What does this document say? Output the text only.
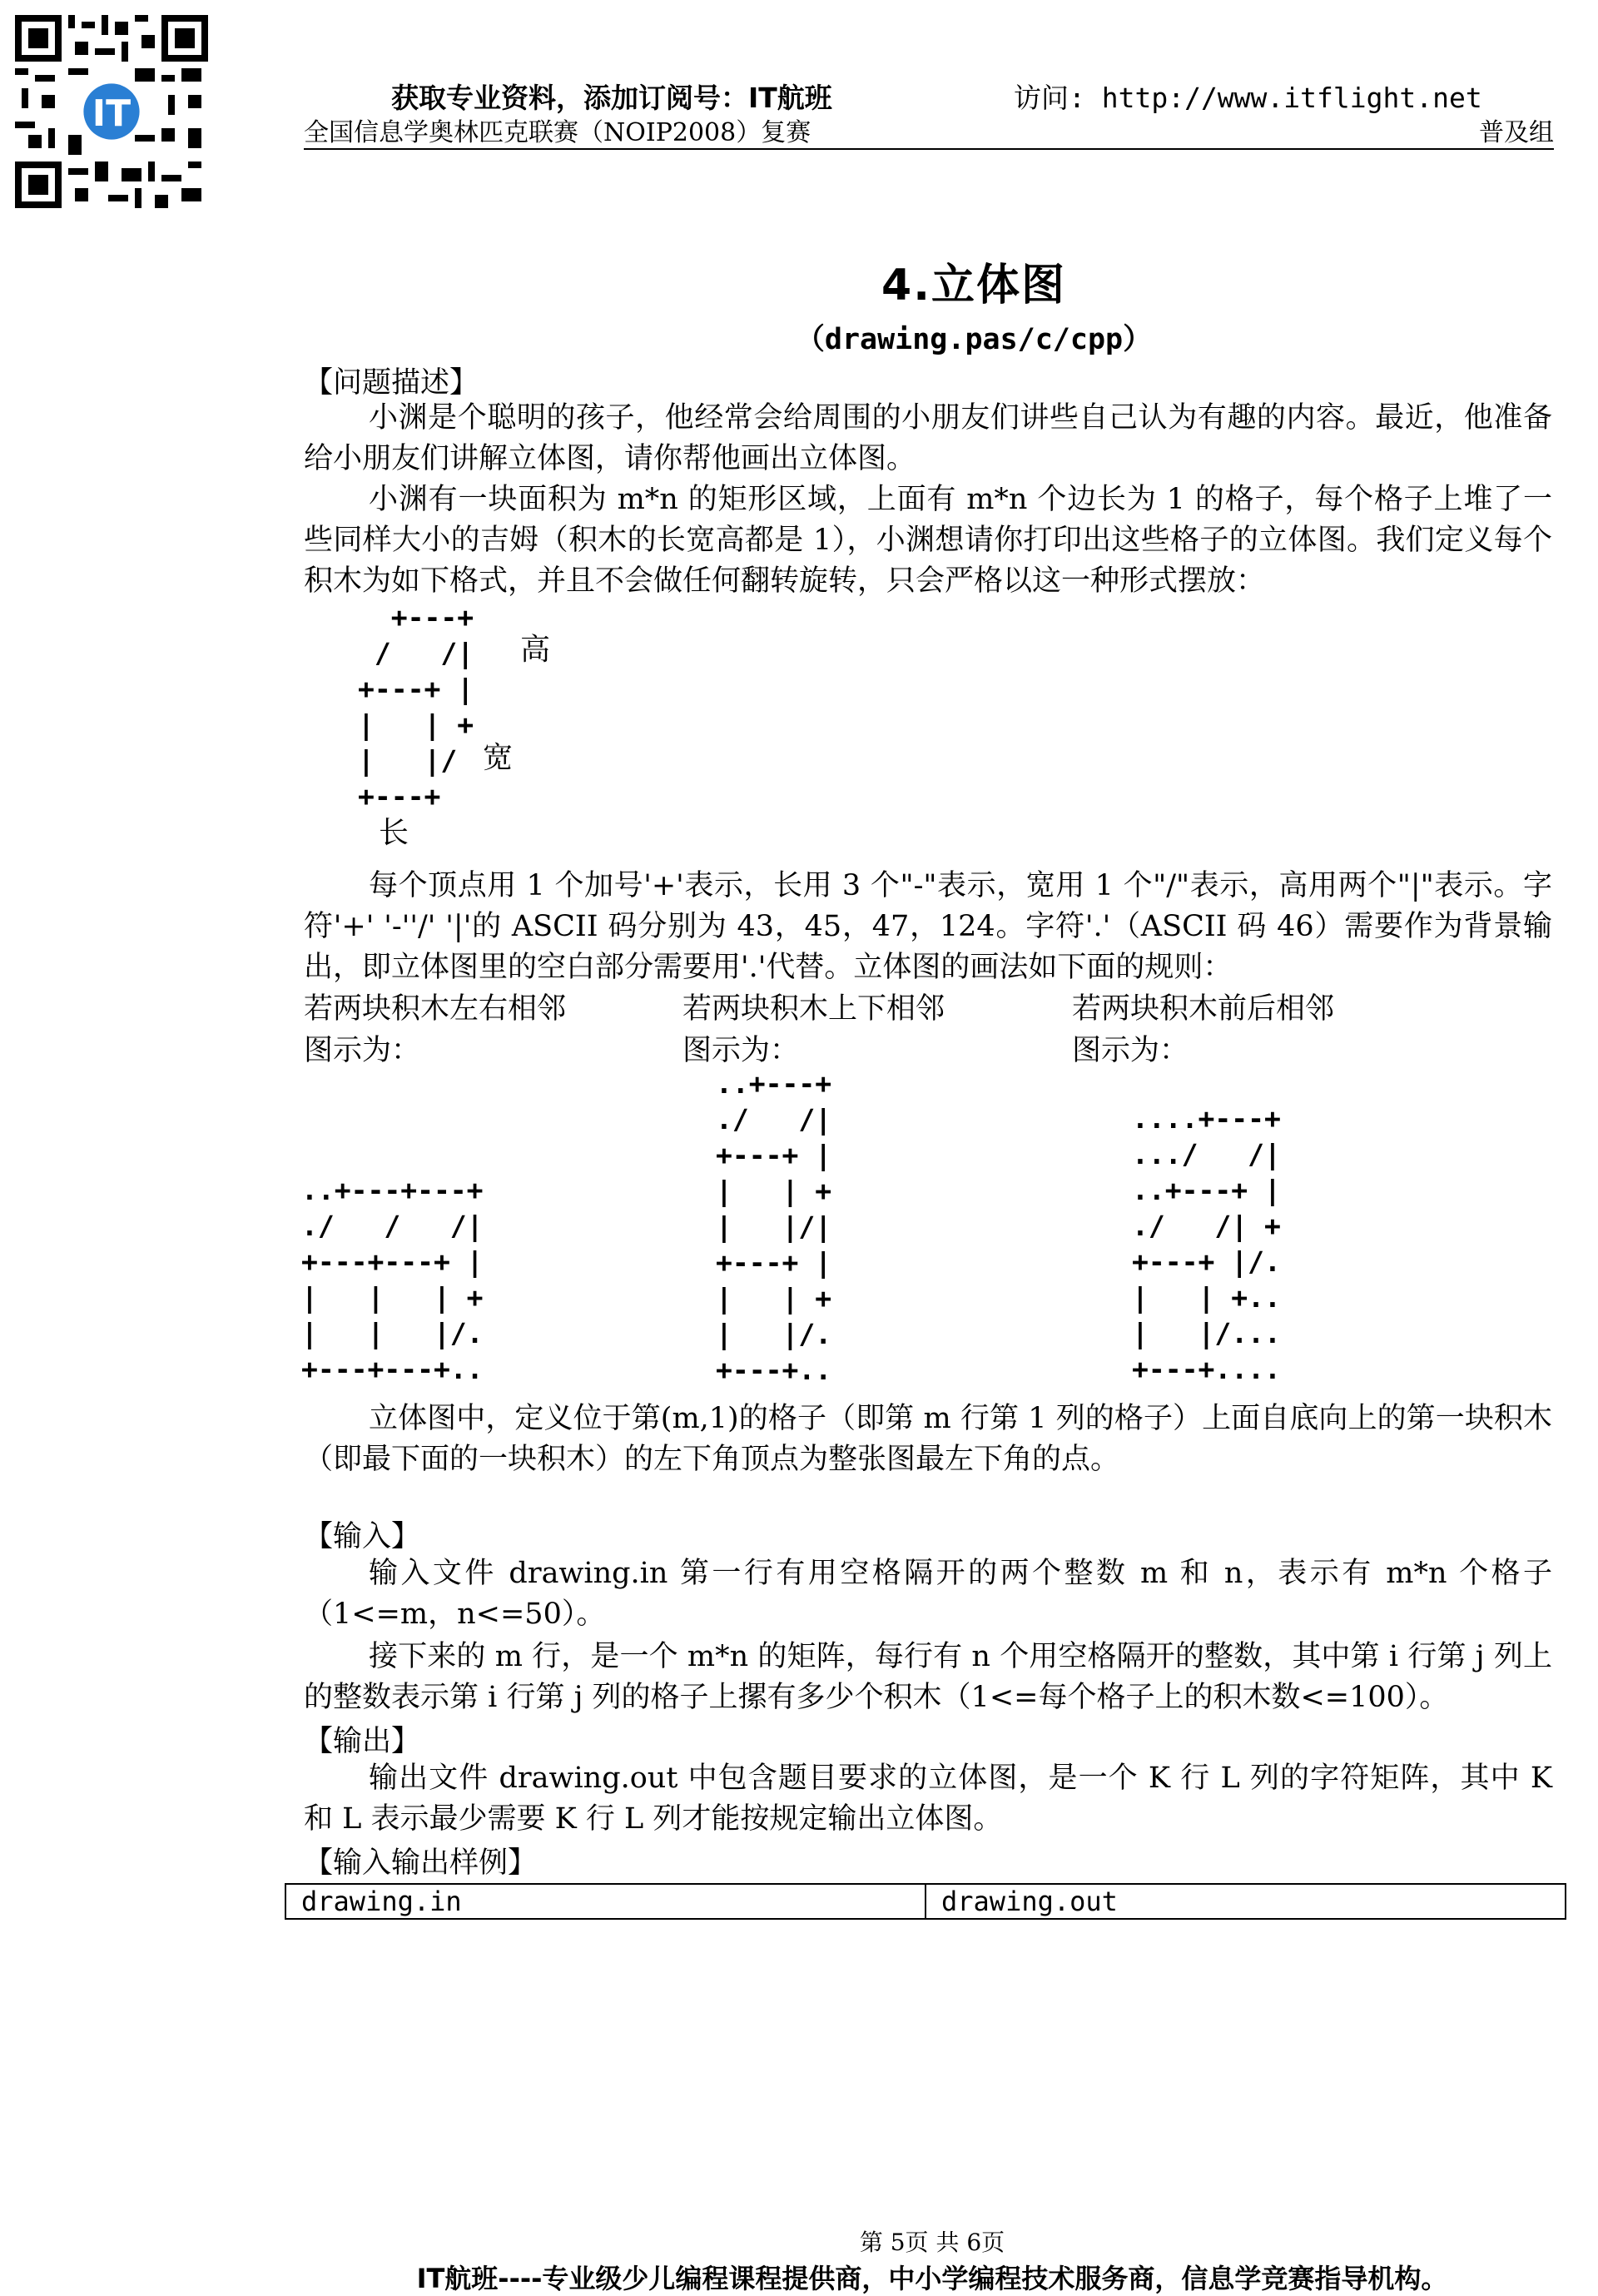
IT	获取专业资料，添加订阅号：IT航班	访问: http://www.itflight.net
全国信息学奥林匹克联赛（NOIP2008）复赛	普及组
4.立体图
（drawing.pas/c/cpp）
【问题描述】

小渊是个聪明的孩子，他经常会给周围的小朋友们讲些自己认为有趣的内容。最近，他准备给小朋友们讲解立体图，请你帮他画出立体图。

小渊有一块面积为 m*n 的矩形区域，上面有 m*n 个边长为 1 的格子，每个格子上堆了一些同样大小的吉姆（积木的长宽高都是 1），小渊想请你打印出这些格子的立体图。我们定义每个积木为如下格式，并且不会做任何翻转旋转，只会严格以这一种形式摆放：

+---+
/   /|
+---+ |
|   | +
|   |/
+---+
高
宽
长

每个顶点用 1 个加号'+'表示，长用 3 个"-"表示，宽用 1 个"/"表示，高用两个"|"表示。字符'+' '-''/' '|'的 ASCII 码分别为 43，45，47，124。字符'.'（ASCII 码 46）需要作为背景输出，即立体图里的空白部分需要用'.'代替。立体图的画法如下面的规则：

若两块积木左右相邻
图示为：
若两块积木上下相邻
图示为：
若两块积木前后相邻
图示为：
..+---+---+
./   /   /|
+---+---+ |
|   |   | +
|   |   |/.
+---+---+..
..+---+
./   /|
+---+ |
|   | +
|   |/|
+---+ |
|   | +
|   |/.
+---+..
....+---+
.../   /|
..+---+ |
./   /| +
+---+ |/.
|   | +..
|   |/...
+---+....

立体图中，定义位于第(m,1)的格子（即第 m 行第 1 列的格子）上面自底向上的第一块积木（即最下面的一块积木）的左下角顶点为整张图最左下角的点。

【输入】

输入文件 drawing.in 第一行有用空格隔开的两个整数 m 和 n，表示有 m*n 个格子（1<=m，n<=50）。

接下来的 m 行，是一个 m*n 的矩阵，每行有 n 个用空格隔开的整数，其中第 i 行第 j 列上的整数表示第 i 行第 j 列的格子上摞有多少个积木（1<=每个格子上的积木数<=100）。

【输出】

输出文件 drawing.out 中包含题目要求的立体图，是一个 K 行 L 列的字符矩阵，其中 K 和 L 表示最少需要 K 行 L 列才能按规定输出立体图。

【输入输出样例】
drawing.in	drawing.out
第 5页 共 6页
IT航班----专业级少儿编程课程提供商，中小学编程技术服务商，信息学竞赛指导机构。
